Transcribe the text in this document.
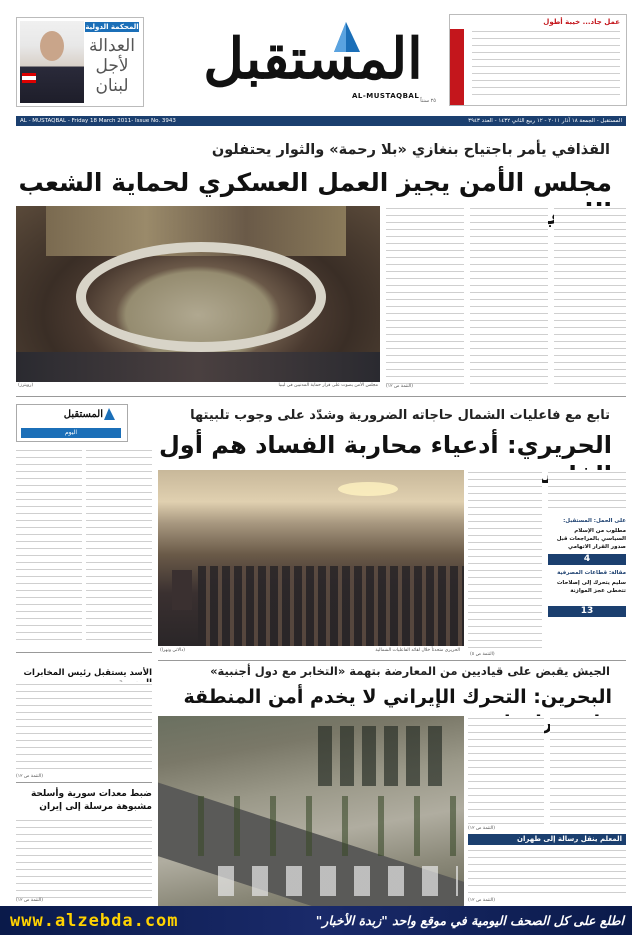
عمل جاد... خيبة أطول
المستقبل
AL-MUSTAQBAL
٢٥ سنتاً
المحكمة الدولية
العدالة
لأجل
لبنان
AL - MUSTAQBAL - Friday 18 March 2011- Issue No. 3943	المستقبل - الجمعة ١٨ آذار ٢٠١١ - ١٢ ربيع الثاني ١٤٣٢ - العدد ٣٩٤٣
القذافي يأمر باجتياح بنغازي «بلا رحمة» والثوار يحتفلون
مجلس الأمن يجيز العمل العسكري لحماية الشعب
(رويترز)	مجلس الأمن يصوت على قرار حماية المدنيين في ليبيا (التتمة ص ١٢)
المستقبل
اليوم
تابع مع فاعليات الشمال حاجاته الضرورية وشدّد على وجوب تلبيتها
الحريري: أدعياء محاربة الفساد هم أول
(دالاتي ونهرا)	الحريري متحدثاً خلال لقائه الفاعليات الشمالية
على الحمل: المستقبل:
مطلوب من الإسلام السياسي بالمراجعات قبل صدور القرار الاتهامي
4
مقالة: قطاعات المصرفية
سليم يتحرك إلى إصلاحات تتخطى عجز الموازنة
13
(التتمة ص ٥)
الأسد يستقبل رئيس المخابرات
(التتمة ص ١٢)
ضبط معدات سورية وأسلحة مشبوهة مرسلة إلى إيران
(التتمة ص ١٢)
الجيش يقبض على قياديين من المعارضة بتهمة «التخابر مع دول أجنبية»
البحرين: التحرك الإيراني لا يخدم أمن المنطقة
(التتمة ص ١٢)
المعلم ينقل رسالة إلى طهران
(التتمة ص ١٢)
www.alzebda.com	اطلع على كل الصحف اليومية في موقع واحد "زبدة الأخبار"
